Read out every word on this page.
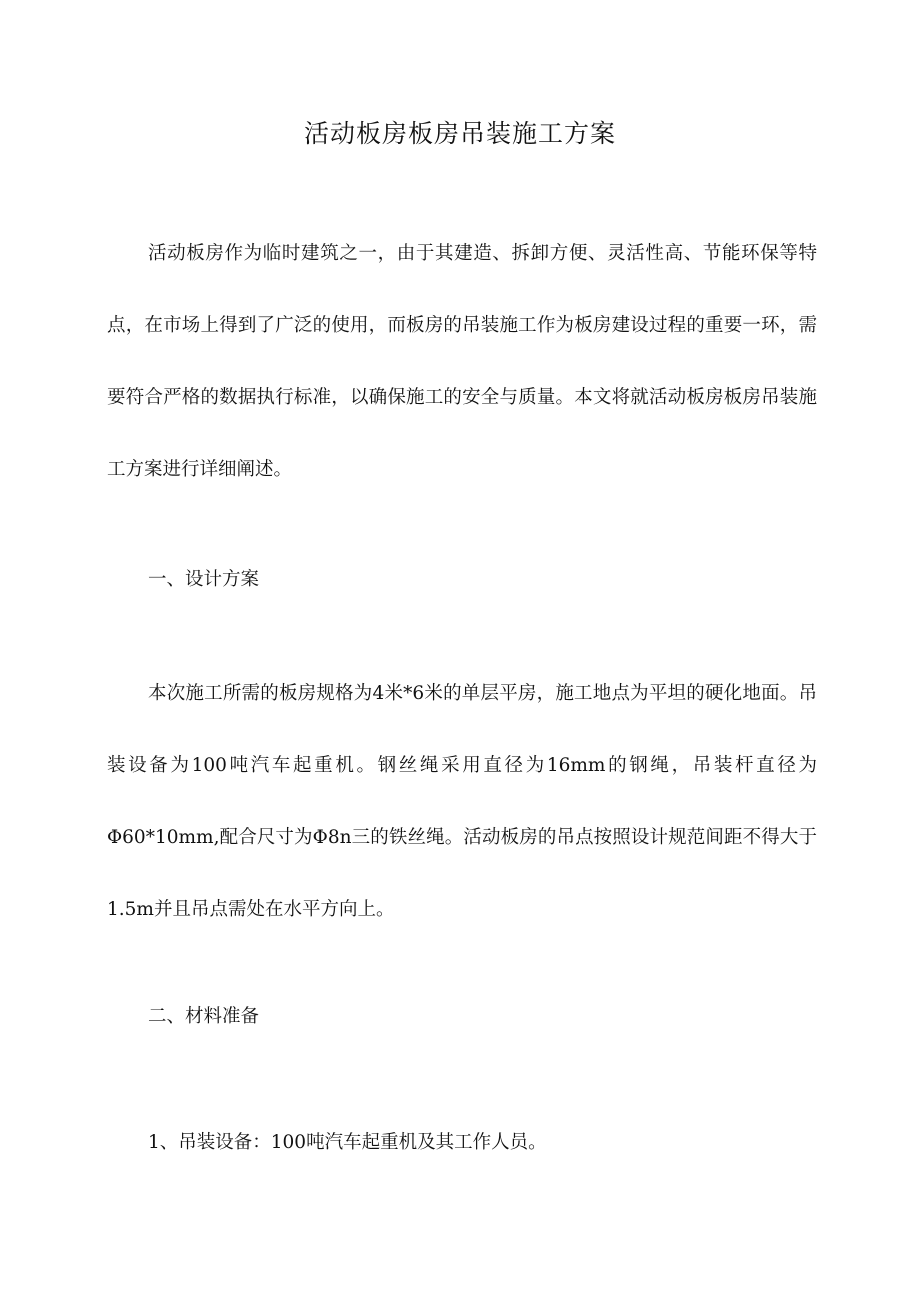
活动板房板房吊装施工方案

活动板房作为临时建筑之一，由于其建造、拆卸方便、灵活性高、节能环保等特点，在市场上得到了广泛的使用，而板房的吊装施工作为板房建设过程的重要一环，需要符合严格的数据执行标准，以确保施工的安全与质量。本文将就活动板房板房吊装施工方案进行详细阐述。

一、设计方案

本次施工所需的板房规格为4米*6米的单层平房，施工地点为平坦的硬化地面。吊装设备为100吨汽车起重机。钢丝绳采用直径为16mm的钢绳，吊装杆直径为Φ60*10mm,配合尺寸为Φ8n三的铁丝绳。活动板房的吊点按照设计规范间距不得大于1.5m并且吊点需处在水平方向上。

二、材料准备

1、吊装设备：100吨汽车起重机及其工作人员。
